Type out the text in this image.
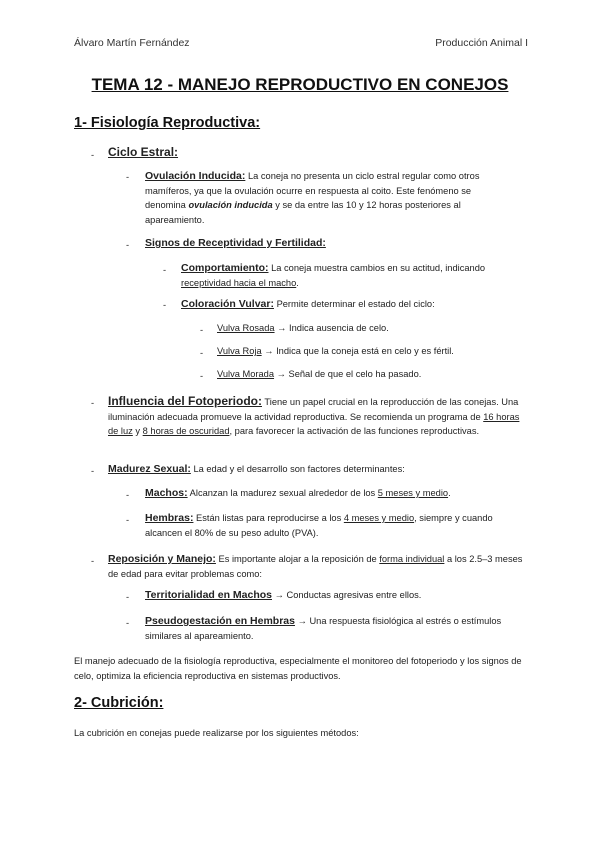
Álvaro Martín Fernández	Producción Animal I
TEMA 12 - MANEJO REPRODUCTIVO EN CONEJOS
1- Fisiología Reproductiva:
- Ciclo Estral:
- Ovulación Inducida: La coneja no presenta un ciclo estral regular como otros mamíferos, ya que la ovulación ocurre en respuesta al coito. Este fenómeno se denomina ovulación inducida y se da entre las 10 y 12 horas posteriores al apareamiento.
- Signos de Receptividad y Fertilidad:
- Comportamiento: La coneja muestra cambios en su actitud, indicando receptividad hacia el macho.
- Coloración Vulvar: Permite determinar el estado del ciclo:
- Vulva Rosada → Indica ausencia de celo.
- Vulva Roja → Indica que la coneja está en celo y es fértil.
- Vulva Morada → Señal de que el celo ha pasado.
- Influencia del Fotoperiodo: Tiene un papel crucial en la reproducción de las conejas. Una iluminación adecuada promueve la actividad reproductiva. Se recomienda un programa de 16 horas de luz y 8 horas de oscuridad, para favorecer la activación de las funciones reproductivas.
- Madurez Sexual: La edad y el desarrollo son factores determinantes:
- Machos: Alcanzan la madurez sexual alrededor de los 5 meses y medio.
- Hembras: Están listas para reproducirse a los 4 meses y medio, siempre y cuando alcancen el 80% de su peso adulto (PVA).
- Reposición y Manejo: Es importante alojar a la reposición de forma individual a los 2.5–3 meses de edad para evitar problemas como:
- Territorialidad en Machos → Conductas agresivas entre ellos.
- Pseudogestación en Hembras → Una respuesta fisiológica al estrés o estímulos similares al apareamiento.
El manejo adecuado de la fisiología reproductiva, especialmente el monitoreo del fotoperiodo y los signos de celo, optimiza la eficiencia reproductiva en sistemas productivos.
2- Cubrición:
La cubrición en conejas puede realizarse por los siguientes métodos:
